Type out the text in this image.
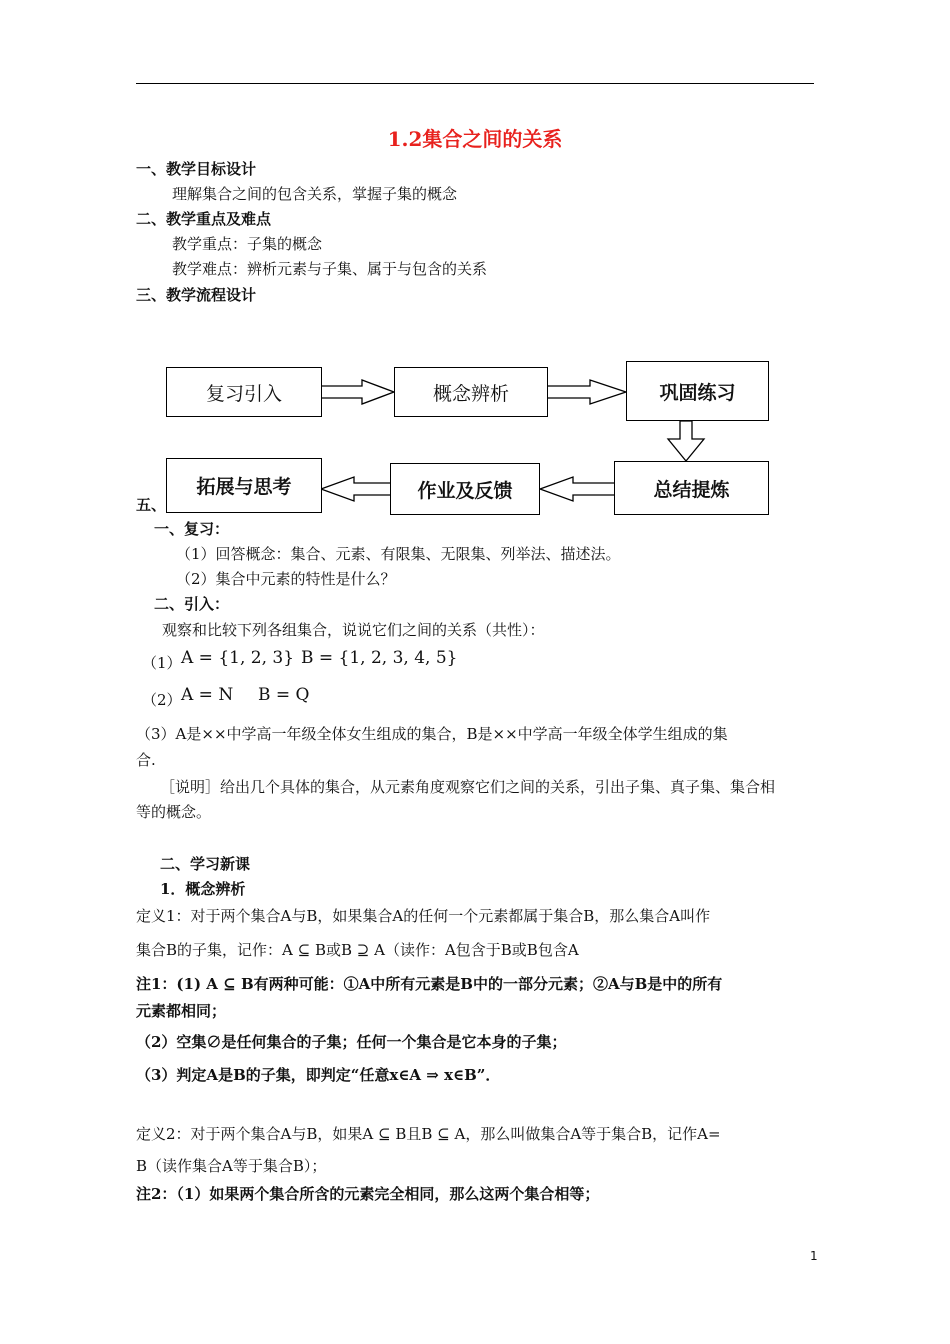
1.2集合之间的关系
一、教学目标设计
理解集合之间的包含关系，掌握子集的概念
二、教学重点及难点
教学重点：子集的概念
教学难点：辨析元素与子集、属于与包含的关系
三、教学流程设计
复习引入	概念辨析	巩固练习
总结提炼
作业及反馈
拓展与思考
五、
一、复习：
（1）回答概念：集合、元素、有限集、无限集、列举法、描述法。
（2）集合中元素的特性是什么？
二、引入：
观察和比较下列各组集合，说说它们之间的关系（共性）：
（1） A = {1, 2, 3} B = {1, 2, 3, 4, 5}
（2） A = N B = Q
（3）A是××中学高一年级全体女生组成的集合，B是××中学高一年级全体学生组成的集
合.
［说明］给出几个具体的集合，从元素角度观察它们之间的关系，引出子集、真子集、集合相
等的概念。
二、学习新课
1．概念辨析
定义1：对于两个集合A与B，如果集合A的任何一个元素都属于集合B，那么集合A叫作
集合B的子集，记作：A ⊆ B或B ⊇ A（读作：A包含于B或B包含A
注1：(1) A ⊆ B有两种可能：①A中所有元素是B中的一部分元素；②A与B是中的所有
元素都相同；
（2）空集∅是任何集合的子集；任何一个集合是它本身的子集；
（3）判定A是B的子集，即判定“任意x∈A ⇒ x∈B”．
定义2：对于两个集合A与B，如果A ⊆ B且B ⊆ A，那么叫做集合A等于集合B，记作A=
B（读作集合A等于集合B）；
注2：（1）如果两个集合所含的元素完全相同，那么这两个集合相等；
1
